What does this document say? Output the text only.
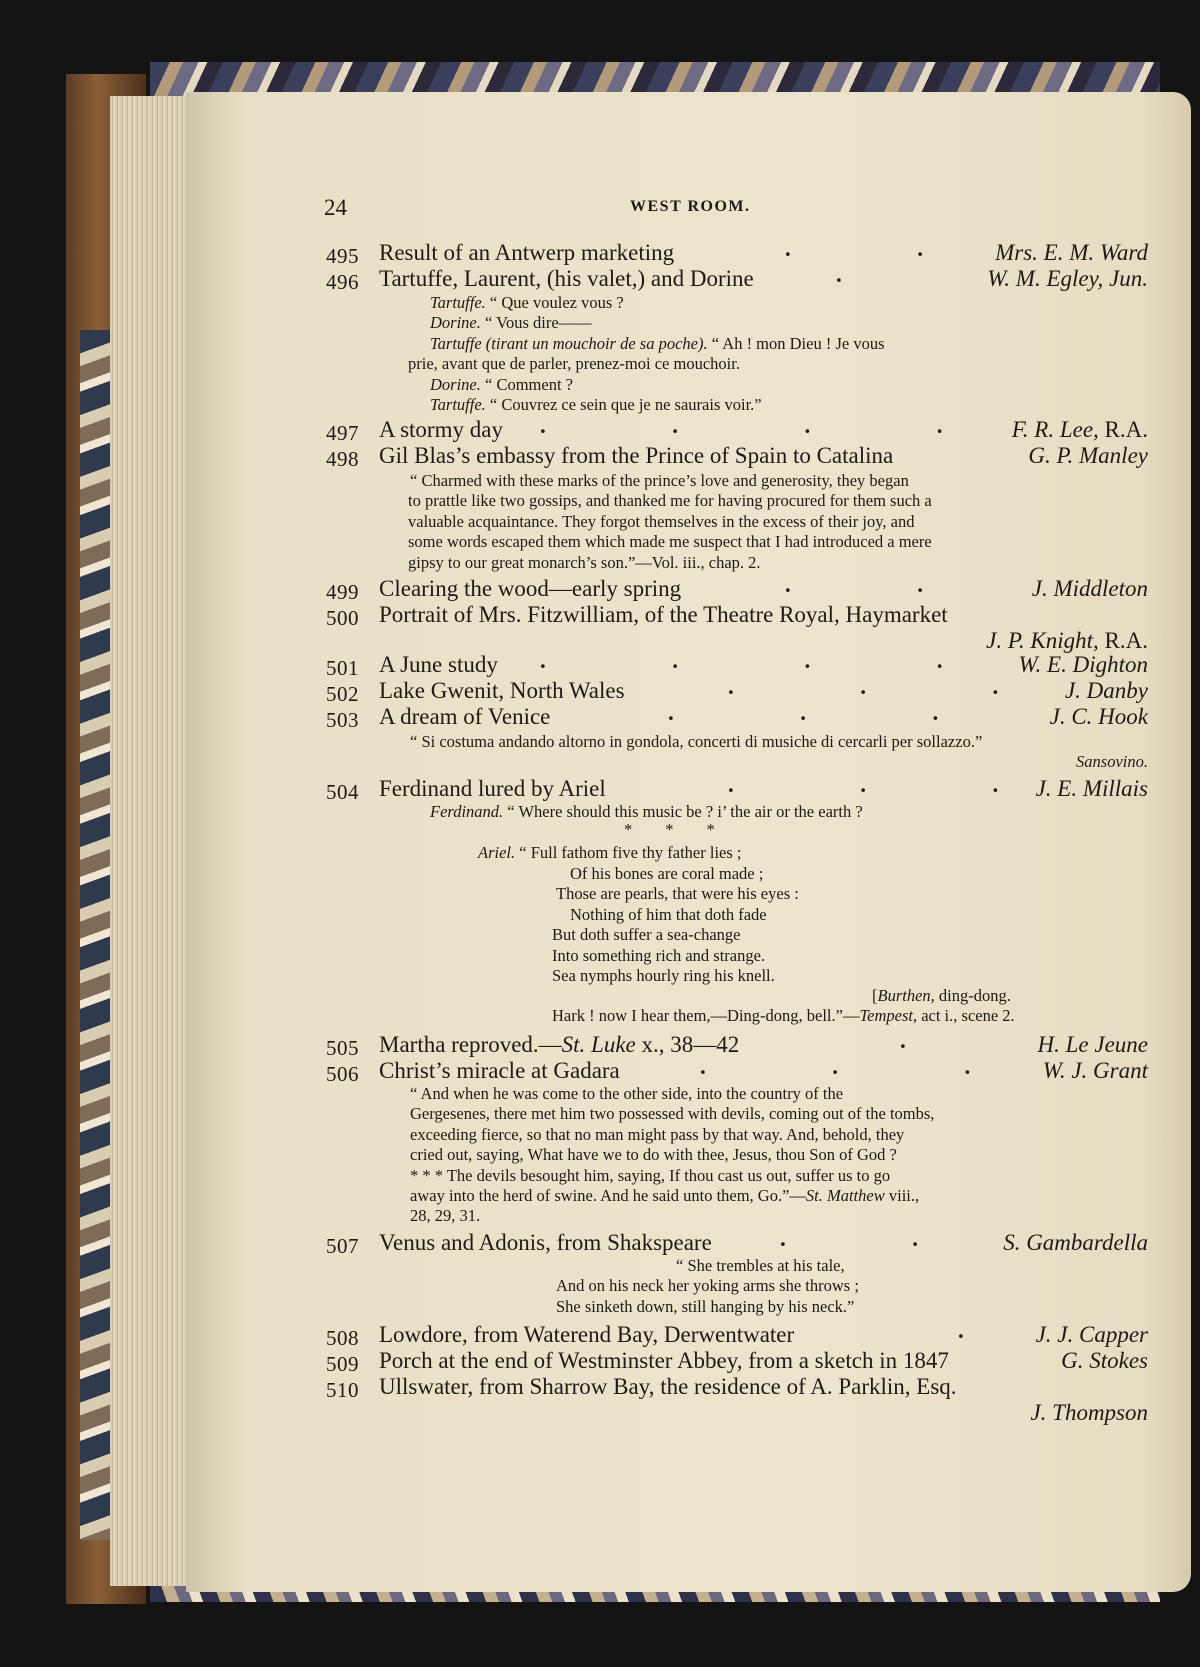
24	WEST ROOM.
495 Result of an Antwerp marketing	.                      .	Mrs. E. M. Ward
496 Tartuffe, Laurent, (his valet,) and Dorine	.	W. M. Egley, Jun.
Tartuffe. “ Que voulez vous ?
Dorine. “ Vous dire——
Tartuffe (tirant un mouchoir de sa poche). “ Ah ! mon Dieu ! Je vous
prie, avant que de parler, prenez-moi ce mouchoir.
Dorine. “ Comment ?
Tartuffe. “ Couvrez ce sein que je ne saurais voir.”
497 A stormy day .                      .                      .                      .	F. R. Lee, R.A.
498 Gil Blas’s embassy from the Prince of Spain to Catalina	G. P. Manley
“ Charmed with these marks of the prince’s love and generosity, they began
to prattle like two gossips, and thanked me for having procured for them such a
valuable acquaintance. They forgot themselves in the excess of their joy, and
some words escaped them which made me suspect that I had introduced a mere
gipsy to our great monarch’s son.”—Vol. iii., chap. 2.
499 Clearing the wood—early spring	.                      .	J. Middleton
500 Portrait of Mrs. Fitzwilliam, of the Theatre Royal, Haymarket
J. P. Knight, R.A.
501 A June study .                      .                      .                      .	W. E. Dighton
502 Lake Gwenit, North Wales	.                      .                      .	J. Danby
503 A dream of Venice	.                      .                      .	J. C. Hook
“ Si costuma andando altorno in gondola, concerti di musiche di cercarli per sollazzo.”
Sansovino.
504 Ferdinand lured by Ariel	.                      .                      . J. E. Millais
Ferdinand. “ Where should this music be ? i’ the air or the earth ?
*        *        *
Ariel. “ Full fathom five thy father lies ;
Of his bones are coral made ;
Those are pearls, that were his eyes :
Nothing of him that doth fade
But doth suffer a sea-change
Into something rich and strange.
Sea nymphs hourly ring his knell.
[Burthen, ding-dong.
Hark ! now I hear them,—Ding-dong, bell.”—Tempest, act i., scene 2.
505 Martha reproved.—St. Luke x., 38—42	.	H. Le Jeune
506 Christ’s miracle at Gadara	.                      .                      .	W. J. Grant
“ And when he was come to the other side, into the country of the
Gergesenes, there met him two possessed with devils, coming out of the tombs,
exceeding fierce, so that no man might pass by that way. And, behold, they
cried out, saying, What have we to do with thee, Jesus, thou Son of God ?
* * * The devils besought him, saying, If thou cast us out, suffer us to go
away into the herd of swine. And he said unto them, Go.”—St. Matthew viii.,
28, 29, 31.
507 Venus and Adonis, from Shakspeare	.                      .	S. Gambardella
“ She trembles at his tale,
And on his neck her yoking arms she throws ;
She sinketh down, still hanging by his neck.”
508 Lowdore, from Waterend Bay, Derwentwater	.	J. J. Capper
509 Porch at the end of Westminster Abbey, from a sketch in 1847	G. Stokes
510 Ullswater, from Sharrow Bay, the residence of A. Parklin, Esq.
J. Thompson
